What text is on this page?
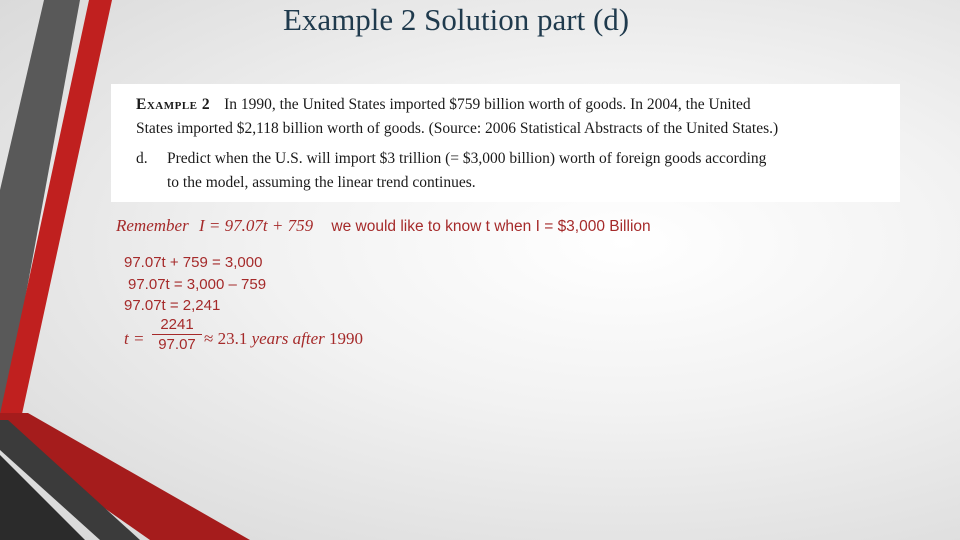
Example 2 Solution part (d)
Example 2 In 1990, the United States imported $759 billion worth of goods. In 2004, the United
States imported $2,118 billion worth of goods. (Source: 2006 Statistical Abstracts of the United States.)
d. Predict when the U.S. will import $3 trillion (= $3,000 billion) worth of foreign goods according
to the model, assuming the linear trend continues.
Remember I = 97.07t + 759 we would like to know t when I = $3,000 Billion
97.07t + 759 = 3,000
97.07t = 3,000 – 759
97.07t = 2,241
$t = \frac{2241}{97.07} \approx 23.1$ years after 1990
